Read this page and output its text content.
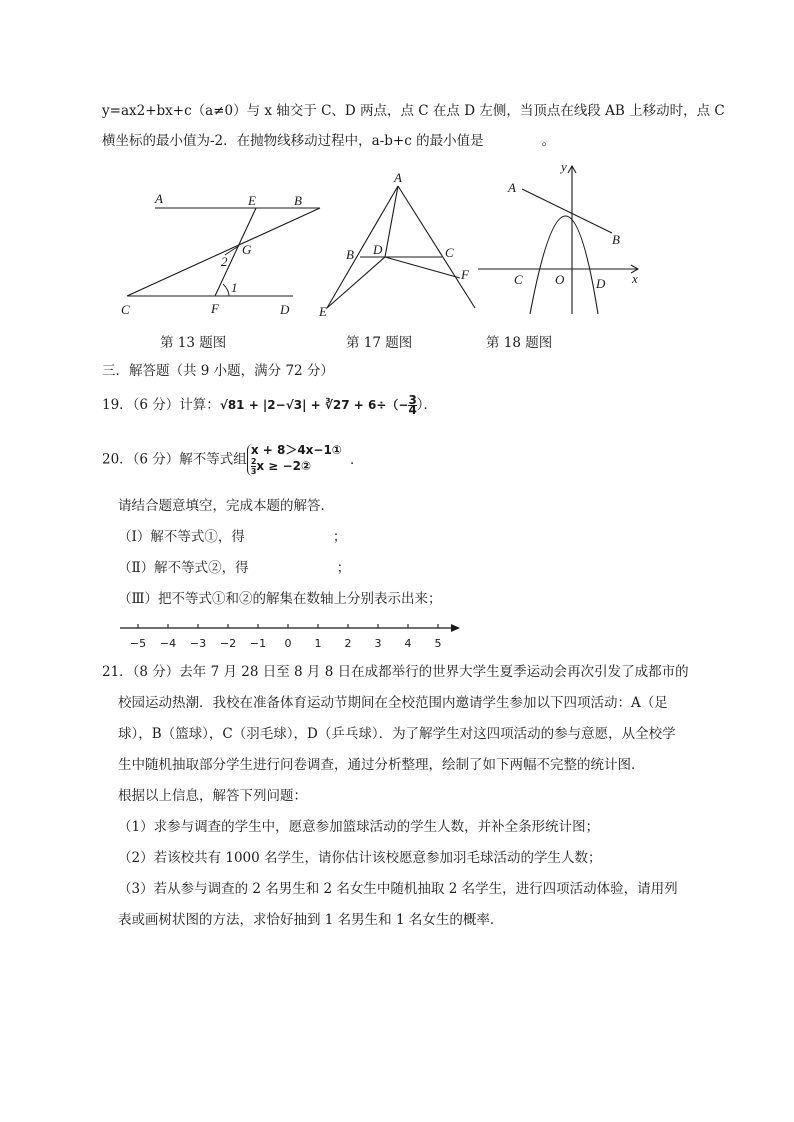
y=ax2+bx+c（a≠0）与 x 轴交于 C、D 两点，点 C 在点 D 左侧，当顶点在线段 AB 上移动时，点 C
横坐标的最小值为-2．在抛物线移动过程中，a-b+c 的最小值是	。
A	E	B
G
2
1
C	F	D
第 13 题图
A
B D	C
F
E
第 17 题图
y
A
B
C O D x
第 18 题图
三．解答题（共 9 小题，满分 72 分）
19．（6 分）计算：√81 + |2−√3| + ∛27 + $6\div(- \frac{3}{4}$ ）．
20．（6 分）解不等式组
x + 8＞4x−1①
$\frac{2}{3}$ x ≥ −2②	．
请结合题意填空，完成本题的解答．
（Ⅰ）解不等式①，得	；
（Ⅱ）解不等式②，得	；
（Ⅲ）把不等式①和②的解集在数轴上分别表示出来；
−5 −4 −3 −2 −1 0 1 2 3 4 5
21．（8 分）去年 7 月 28 日至 8 月 8 日在成都举行的世界大学生夏季运动会再次引发了成都市的
校园运动热潮．我校在准备体育运动节期间在全校范围内邀请学生参加以下四项活动：A（足
球），B（篮球），C（羽毛球），D（乒乓球）．为了解学生对这四项活动的参与意愿，从全校学
生中随机抽取部分学生进行问卷调查，通过分析整理，绘制了如下两幅不完整的统计图．
根据以上信息，解答下列问题：
（1）求参与调查的学生中，愿意参加篮球活动的学生人数，并补全条形统计图；
（2）若该校共有 1000 名学生，请你估计该校愿意参加羽毛球活动的学生人数；
（3）若从参与调查的 2 名男生和 2 名女生中随机抽取 2 名学生，进行四项活动体验，请用列
表或画树状图的方法，求恰好抽到 1 名男生和 1 名女生的概率．
